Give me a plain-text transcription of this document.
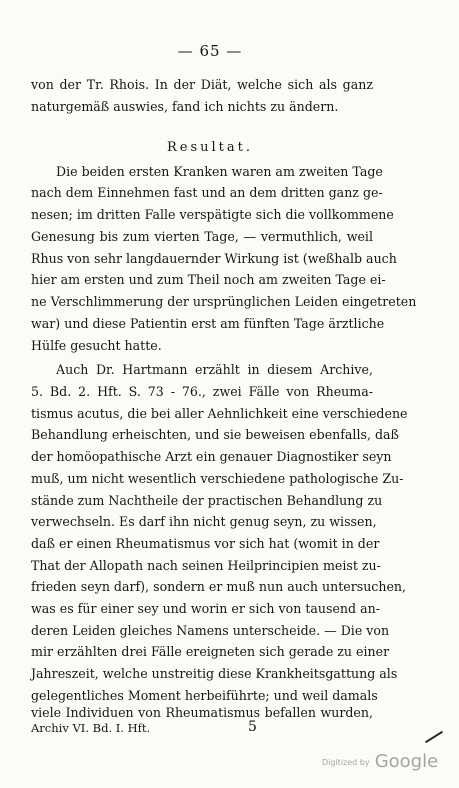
— 65 —
von der Tr. Rhois. In der Diät, welche sich als ganz
naturgemäß auswies, fand ich nichts zu ändern.
Resultat.
Die beiden ersten Kranken waren am zweiten Tage
nach dem Einnehmen fast und an dem dritten ganz ge-
nesen; im dritten Falle verspätigte sich die vollkommene
Genesung bis zum vierten Tage, — vermuthlich, weil
Rhus von sehr langdauernder Wirkung ist (weßhalb auch
hier am ersten und zum Theil noch am zweiten Tage ei-
ne Verschlimmerung der ursprünglichen Leiden eingetreten
war) und diese Patientin erst am fünften Tage ärztliche
Hülfe gesucht hatte.
Auch Dr. Hartmann erzählt in diesem Archive,
5. Bd. 2. Hft. S. 73 - 76., zwei Fälle von Rheuma-
tismus acutus, die bei aller Aehnlichkeit eine verschiedene
Behandlung erheischten, und sie beweisen ebenfalls, daß
der homöopathische Arzt ein genauer Diagnostiker seyn
muß, um nicht wesentlich verschiedene pathologische Zu-
stände zum Nachtheile der practischen Behandlung zu
verwechseln. Es darf ihn nicht genug seyn, zu wissen,
daß er einen Rheumatismus vor sich hat (womit in der
That der Allopath nach seinen Heilprincipien meist zu-
frieden seyn darf), sondern er muß nun auch untersuchen,
was es für einer sey und worin er sich von tausend an-
deren Leiden gleiches Namens unterscheide. — Die von
mir erzählten drei Fälle ereigneten sich gerade zu einer
Jahreszeit, welche unstreitig diese Krankheitsgattung als
gelegentliches Moment herbeiführte; und weil damals
viele Individuen von Rheumatismus befallen wurden,
Archiv VI. Bd. I. Hft.	5
Digitized by Google
